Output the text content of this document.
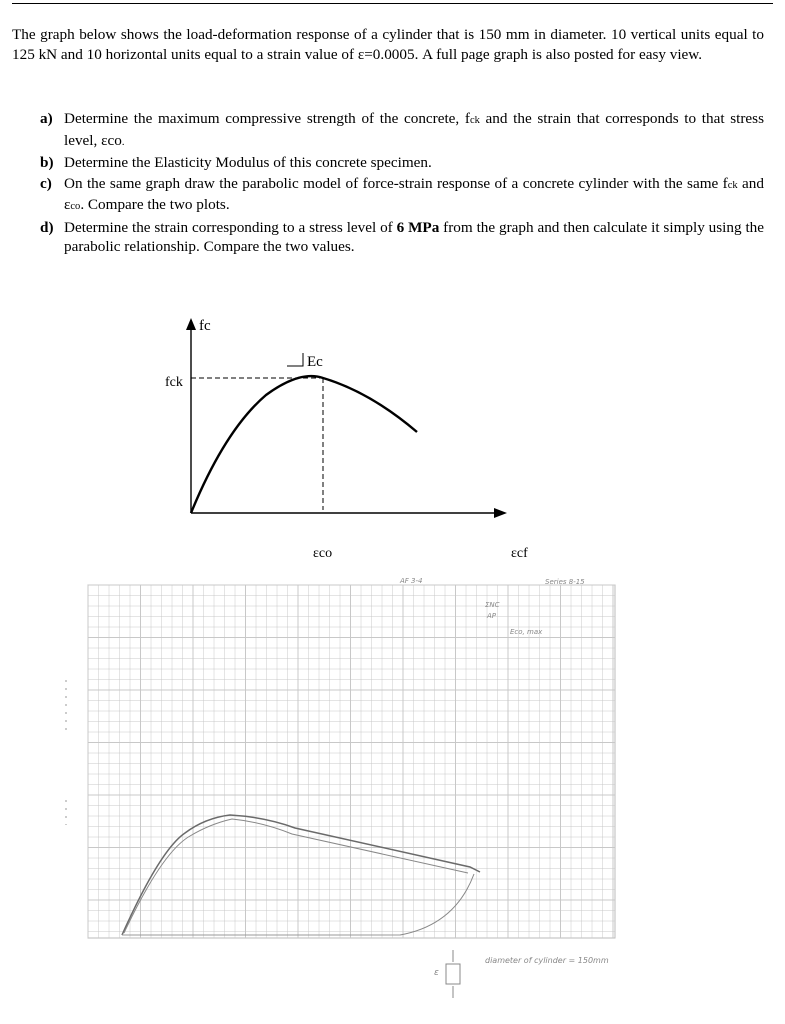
The graph below shows the load-deformation response of a cylinder that is 150 mm in diameter. 10 vertical units equal to 125 kN and 10 horizontal units equal to a strain value of ε=0.0005. A full page graph is also posted for easy view.
a) Determine the maximum compressive strength of the concrete, fck and the strain that corresponds to that stress level, εco.
b) Determine the Elasticity Modulus of this concrete specimen.
c) On the same graph draw the parabolic model of force-strain response of a concrete cylinder with the same fck and εco. Compare the two plots.
d) Determine the strain corresponding to a stress level of 6 MPa from the graph and then calculate it simply using the parabolic relationship. Compare the two values.
fc
fck
Ec
εco	εcf
AF 3-4	Series 8-15
ΣNC
AP
Eco, max
diameter of cylinder = 150mm
ε
